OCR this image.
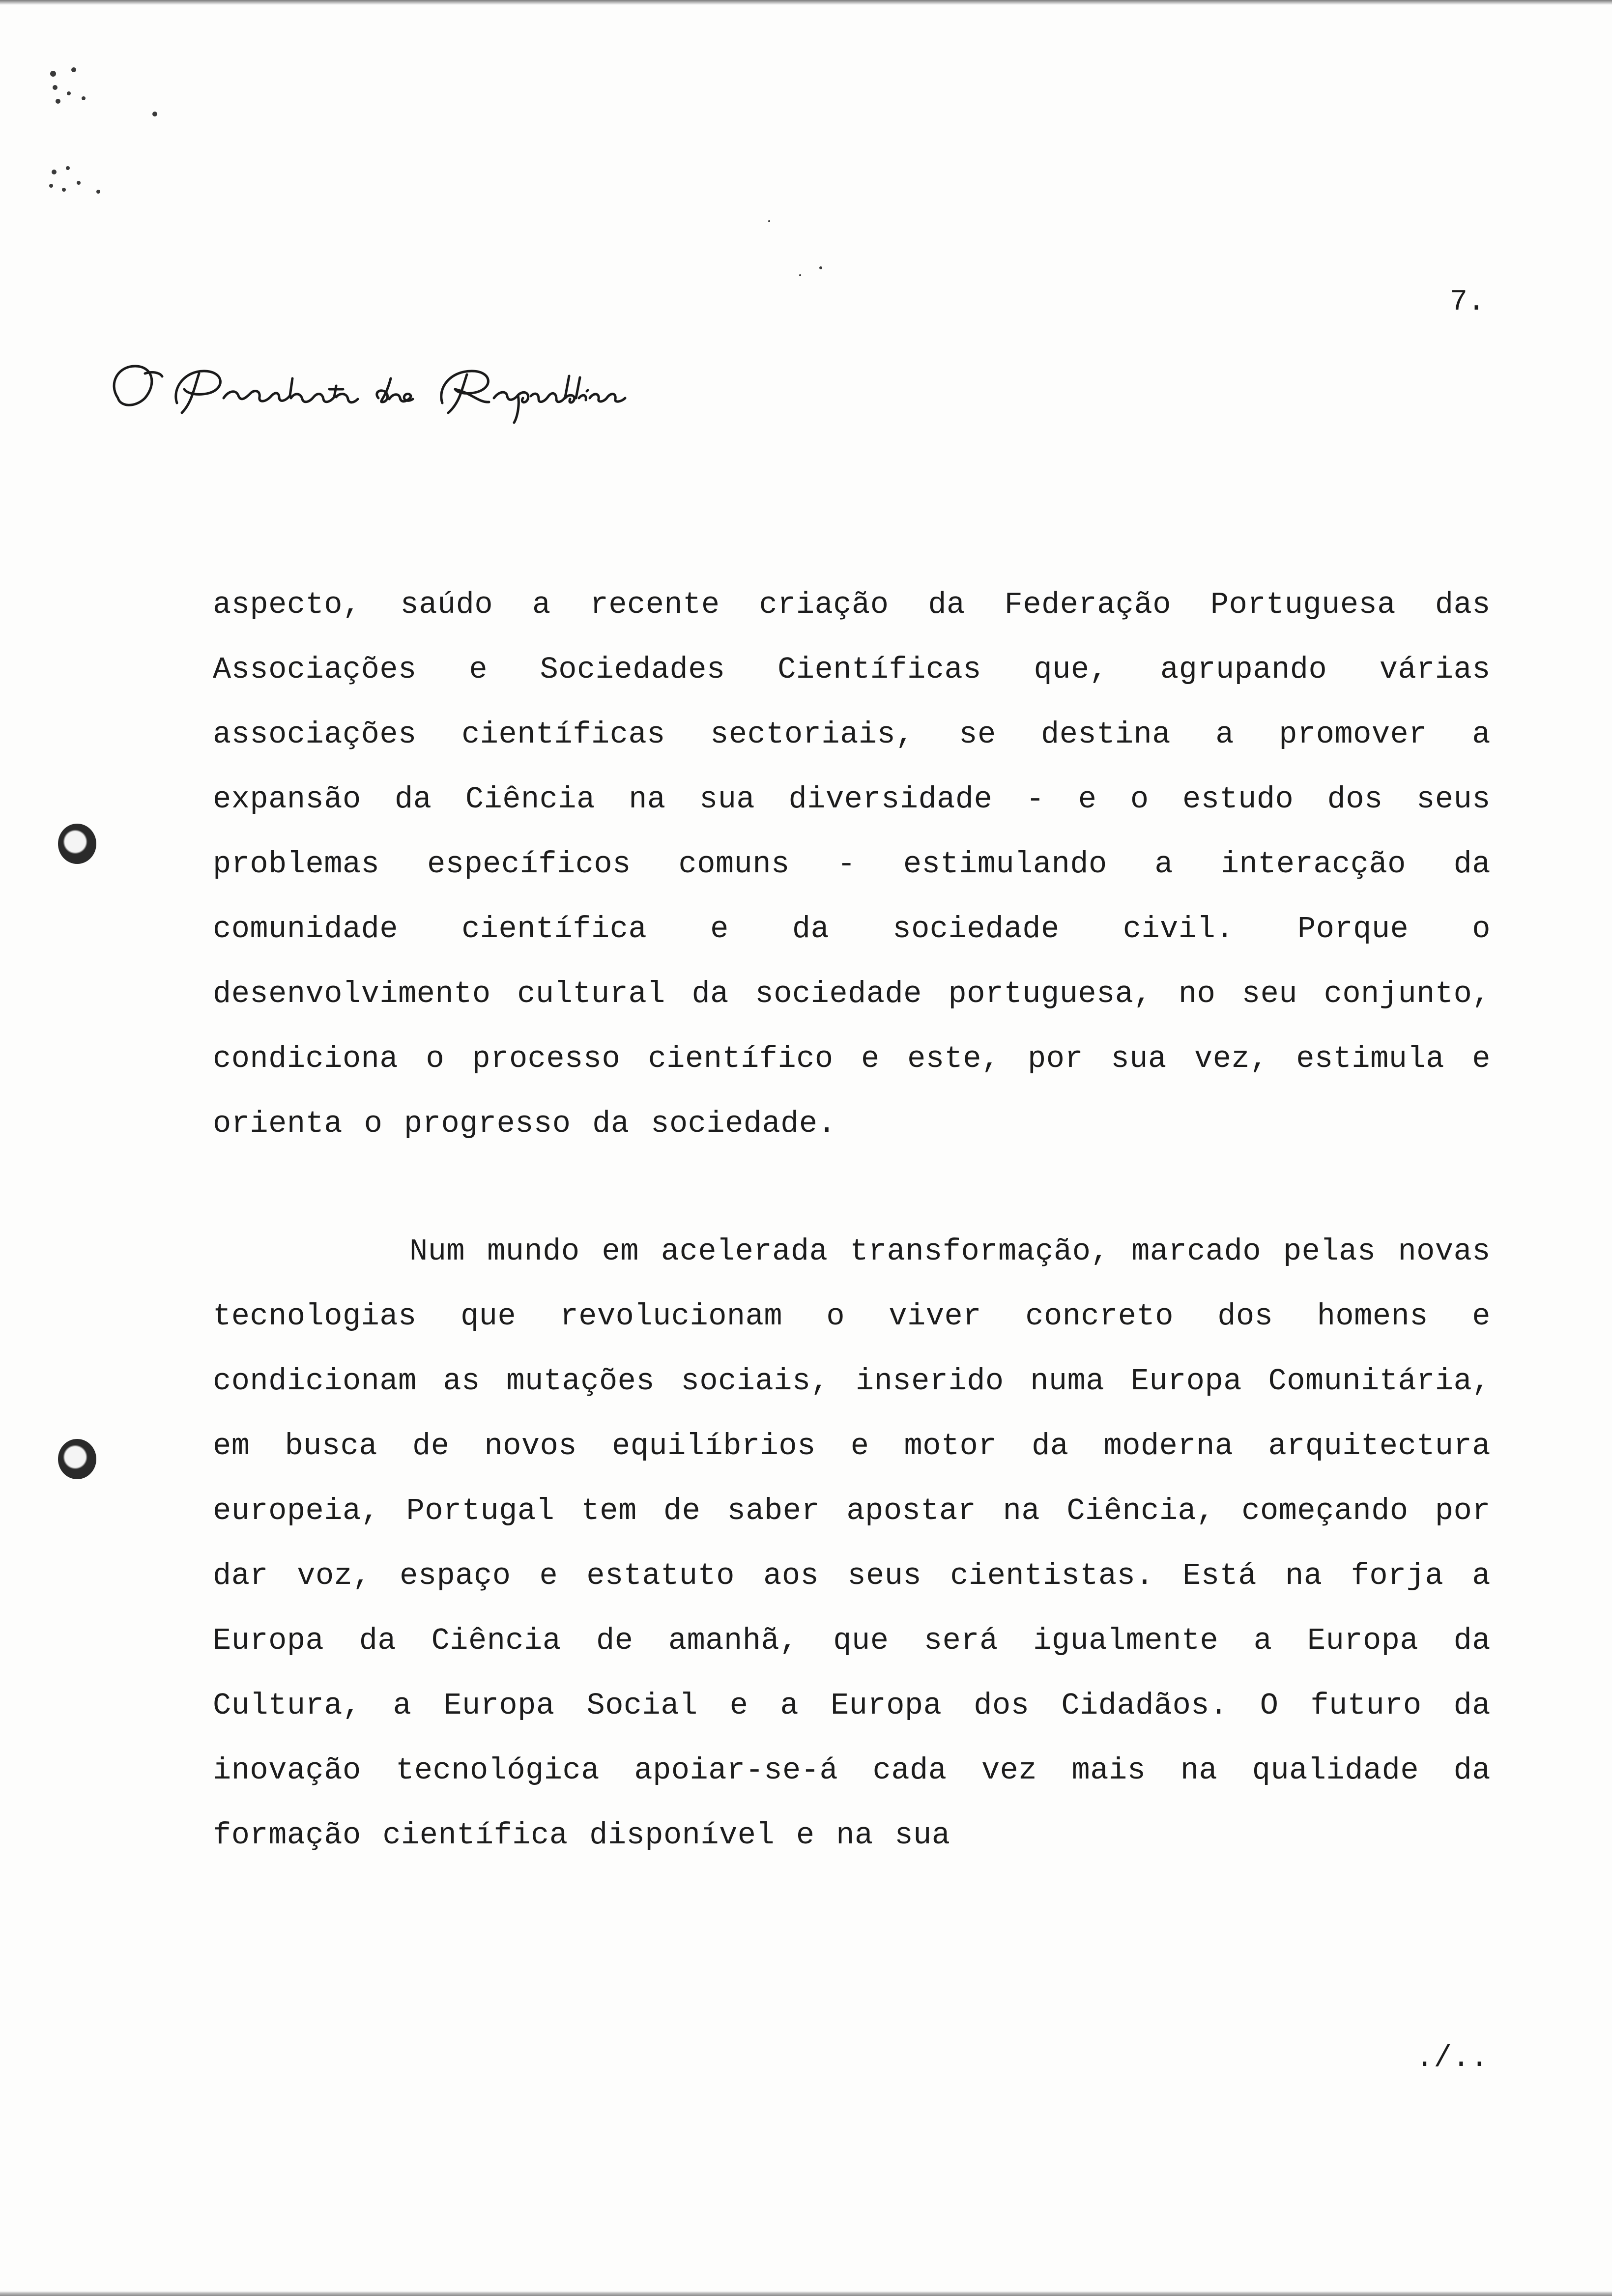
7.

aspecto, saúdo a recente criação da Federação Portuguesa das Associações e Sociedades Científicas que, agrupando várias associações científicas sectoriais, se destina a promover a expansão da Ciência na sua diversidade - e o estudo dos seus problemas específicos comuns - estimulando a interacção da comunidade científica e da sociedade civil. Porque o desenvolvimento cultural da sociedade portuguesa, no seu conjunto, condiciona o processo científico e este, por sua vez, estimula e orienta o progresso da sociedade.

Num mundo em acelerada transformação, marcado pelas novas tecnologias que revolucionam o viver concreto dos homens e condicionam as mutações sociais, inserido numa Europa Comunitária, em busca de novos equilíbrios e motor da moderna arquitectura europeia, Portugal tem de saber apostar na Ciência, começando por dar voz, espaço e estatuto aos seus cientistas. Está na forja a Europa da Ciência de amanhã, que será igualmente a Europa da Cultura, a Europa Social e a Europa dos Cidadãos. O futuro da inovação tecnológica apoiar-se-á cada vez mais na qualidade da formação científica disponível e na sua

./..
